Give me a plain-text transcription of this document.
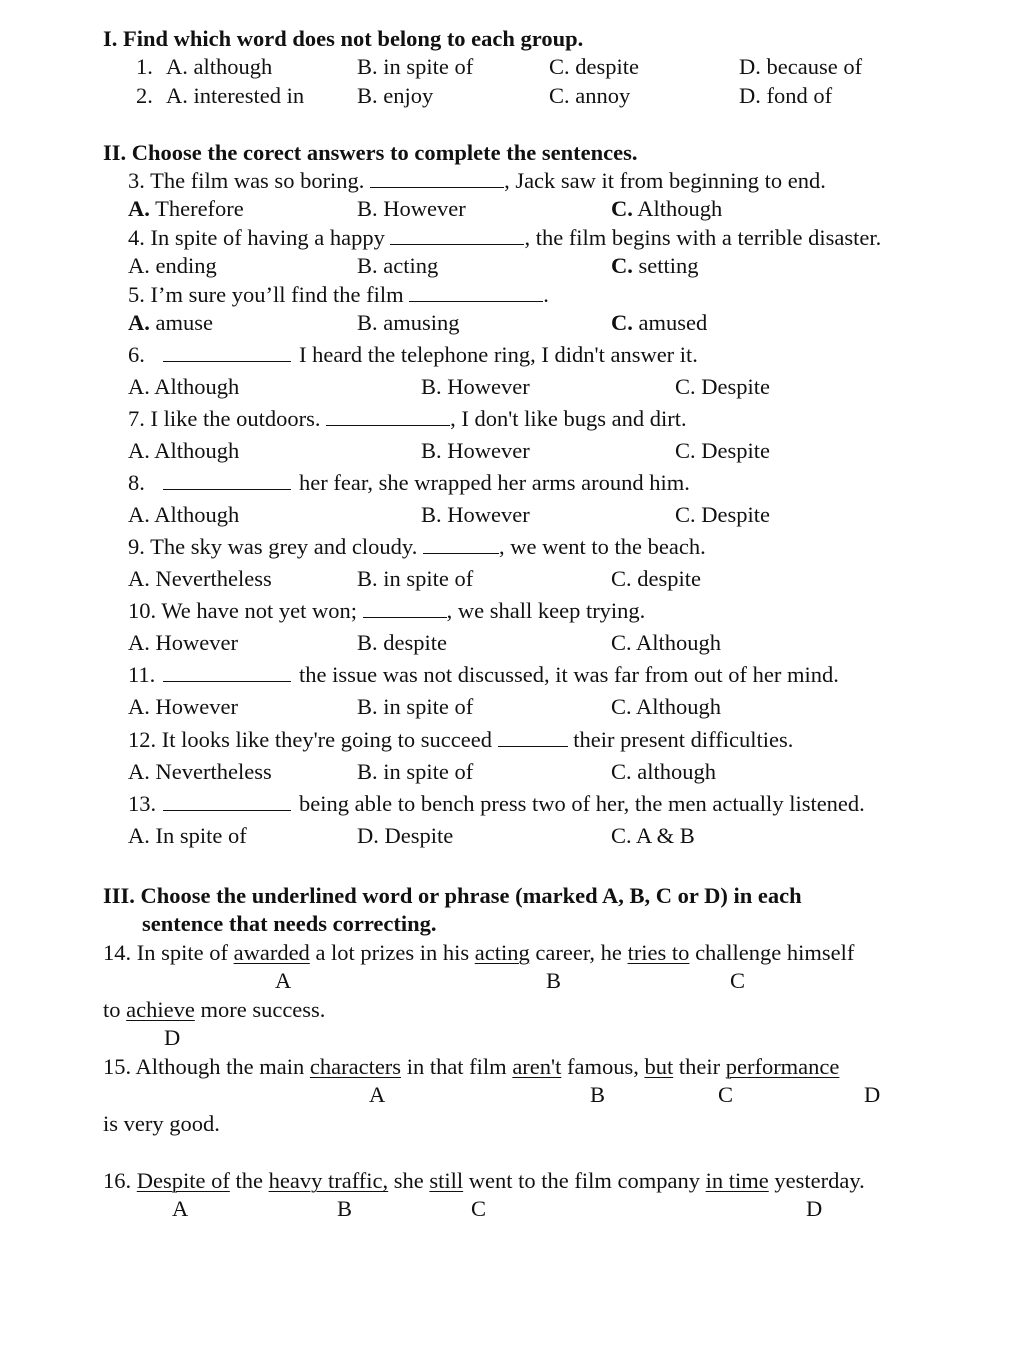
I. Find which word does not belong to each group.
1. A. although	B. in spite of	C. despite	D. because of
2. A. interested in B. enjoy	C. annoy	D. fond of
II. Choose the corect answers to complete the sentences.
3. The film was so boring.	, Jack saw it from beginning to end.
A. Therefore	B. However	C. Although
4. In spite of having a happy	, the film begins with a terrible disaster.
A. ending	B. acting	C. setting
5. I’m sure you’ll find the film	.
A. amuse	B. amusing	C. amused
6.	I heard the telephone ring, I didn't answer it.
A. Although	B. However	C. Despite
7. I like the outdoors.	, I don't like bugs and dirt.
A. Although	B. However	C. Despite
8.	her fear, she wrapped her arms around him.
A. Although	B. However	C. Despite
9. The sky was grey and cloudy.	, we went to the beach.
A. Nevertheless	B. in spite of	C. despite
10. We have not yet won;	, we shall keep trying.
A. However	B. despite	C. Although
11.	the issue was not discussed, it was far from out of her mind.
A. However	B. in spite of	C. Although
12. It looks like they're going to succeed	their present difficulties.
A. Nevertheless	B. in spite of	C. although
13.	being able to bench press two of her, the men actually listened.
A. In spite of	D. Despite	C. A & B
III. Choose the underlined word or phrase (marked A, B, C or D) in each
sentence that needs correcting.
14. In spite of awarded a lot prizes in his acting career, he tries to challenge himself
A	B	C
to achieve more success.
D
15. Although the main characters in that film aren't famous, but their performance
A	B	C	D
is very good.
16. Despite of the heavy traffic, she still went to the film company in time yesterday.
A	B	C	D
